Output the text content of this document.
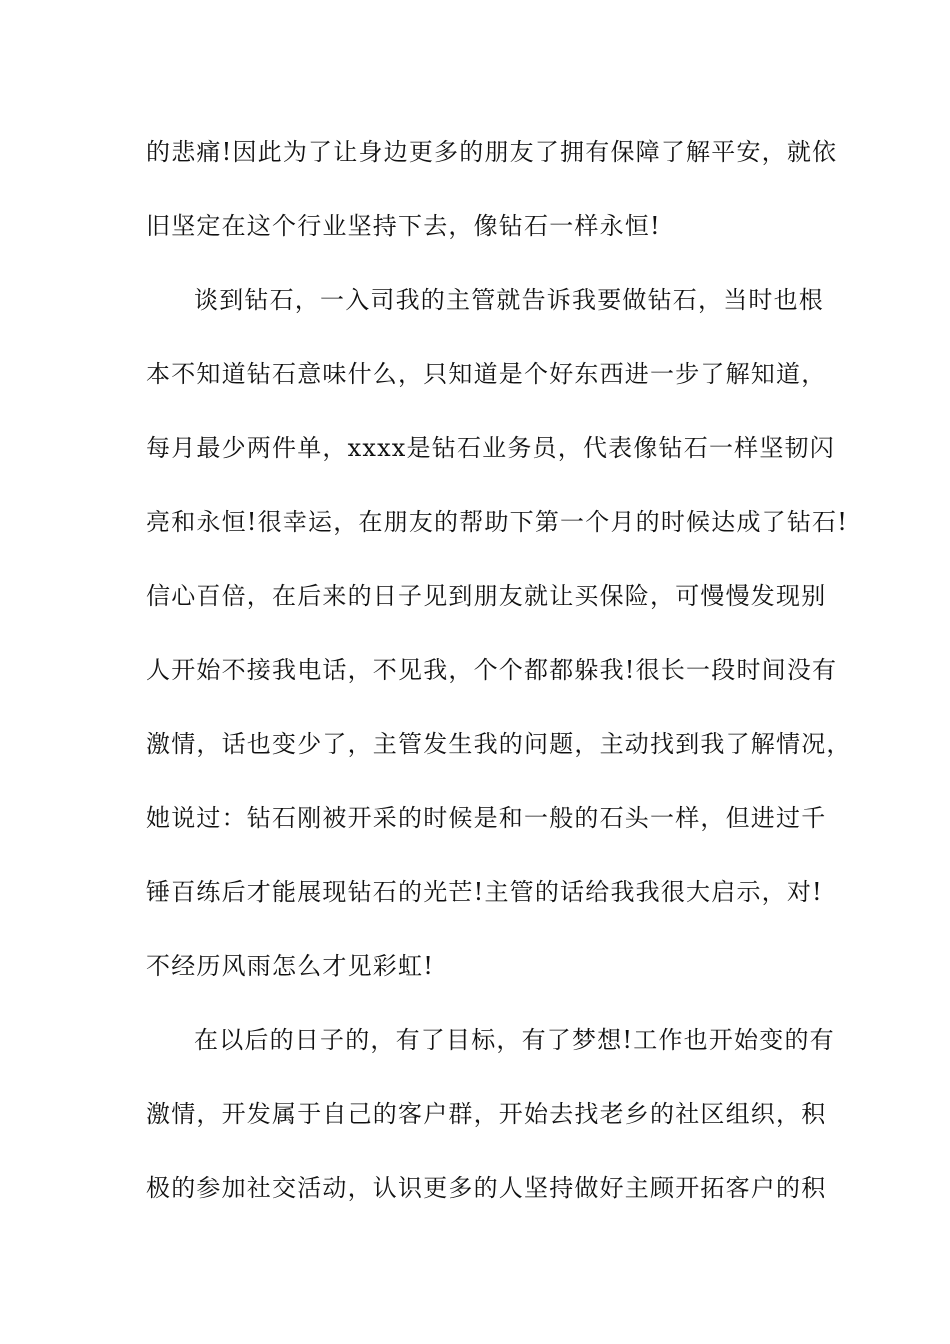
的悲痛!因此为了让身边更多的朋友了拥有保障了解平安，就依
旧坚定在这个行业坚持下去，像钻石一样永恒!
谈到钻石，一入司我的主管就告诉我要做钻石，当时也根
本不知道钻石意味什么，只知道是个好东西进一步了解知道，
每月最少两件单，xxxx是钻石业务员，代表像钻石一样坚韧闪
亮和永恒!很幸运，在朋友的帮助下第一个月的时候达成了钻石!
信心百倍，在后来的日子见到朋友就让买保险，可慢慢发现别
人开始不接我电话，不见我，个个都都躲我!很长一段时间没有
激情，话也变少了，主管发生我的问题，主动找到我了解情况，
她说过：钻石刚被开采的时候是和一般的石头一样，但进过千
锤百练后才能展现钻石的光芒!主管的话给我我很大启示，对!
不经历风雨怎么才见彩虹!
在以后的日子的，有了目标，有了梦想!工作也开始变的有
激情，开发属于自己的客户群，开始去找老乡的社区组织，积
极的参加社交活动，认识更多的人坚持做好主顾开拓客户的积
